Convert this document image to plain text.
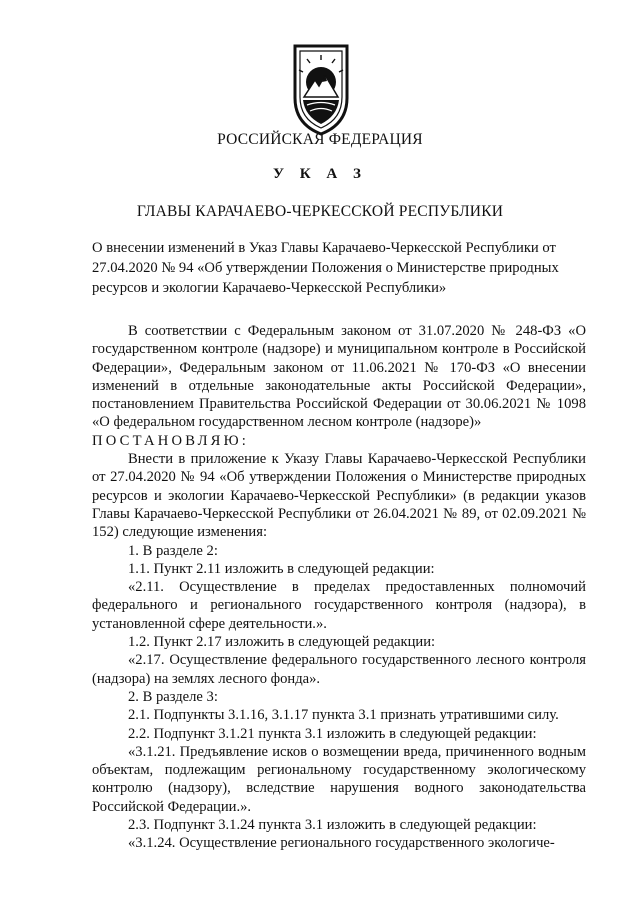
РОССИЙСКАЯ ФЕДЕРАЦИЯ
У К А З
ГЛАВЫ КАРАЧАЕВО-ЧЕРКЕССКОЙ РЕСПУБЛИКИ
О внесении изменений в Указ Главы Карачаево-Черкесской Республики от 27.04.2020 № 94 «Об утверждении Положения о Министерстве природных ресурсов и экологии Карачаево-Черкесской Республики»

В соответствии с Федеральным законом от 31.07.2020 № 248-ФЗ «О государственном контроле (надзоре) и муниципальном контроле в Российской Федерации», Федеральным законом от 11.06.2021 № 170-ФЗ «О внесении изменений в отдельные законодательные акты Российской Федерации», постановлением Правительства Российской Федерации от 30.06.2021 № 1098 «О федеральном государственном лесном контроле (надзоре)»

ПОСТАНОВЛЯЮ:

Внести в приложение к Указу Главы Карачаево-Черкесской Республики от 27.04.2020 № 94 «Об утверждении Положения о Министерстве природных ресурсов и экологии Карачаево-Черкесской Республики» (в редакции указов Главы Карачаево-Черкесской Республики от 26.04.2021 № 89, от 02.09.2021 № 152) следующие изменения:

1. В разделе 2:

1.1. Пункт 2.11 изложить в следующей редакции:

«2.11. Осуществление в пределах предоставленных полномочий федерального и регионального государственного контроля (надзора), в установленной сфере деятельности.».

1.2. Пункт 2.17 изложить в следующей редакции:

«2.17. Осуществление федерального государственного лесного контроля (надзора) на землях лесного фонда».

2. В разделе 3:

2.1. Подпункты 3.1.16, 3.1.17 пункта 3.1 признать утратившими силу.

2.2. Подпункт 3.1.21 пункта 3.1 изложить в следующей редакции:

«3.1.21. Предъявление исков о возмещении вреда, причиненного водным объектам, подлежащим региональному государственному экологическому контролю (надзору), вследствие нарушения водного законодательства Российской Федерации.».

2.3. Подпункт 3.1.24 пункта 3.1 изложить в следующей редакции:

«3.1.24. Осуществление регионального государственного экологиче-
